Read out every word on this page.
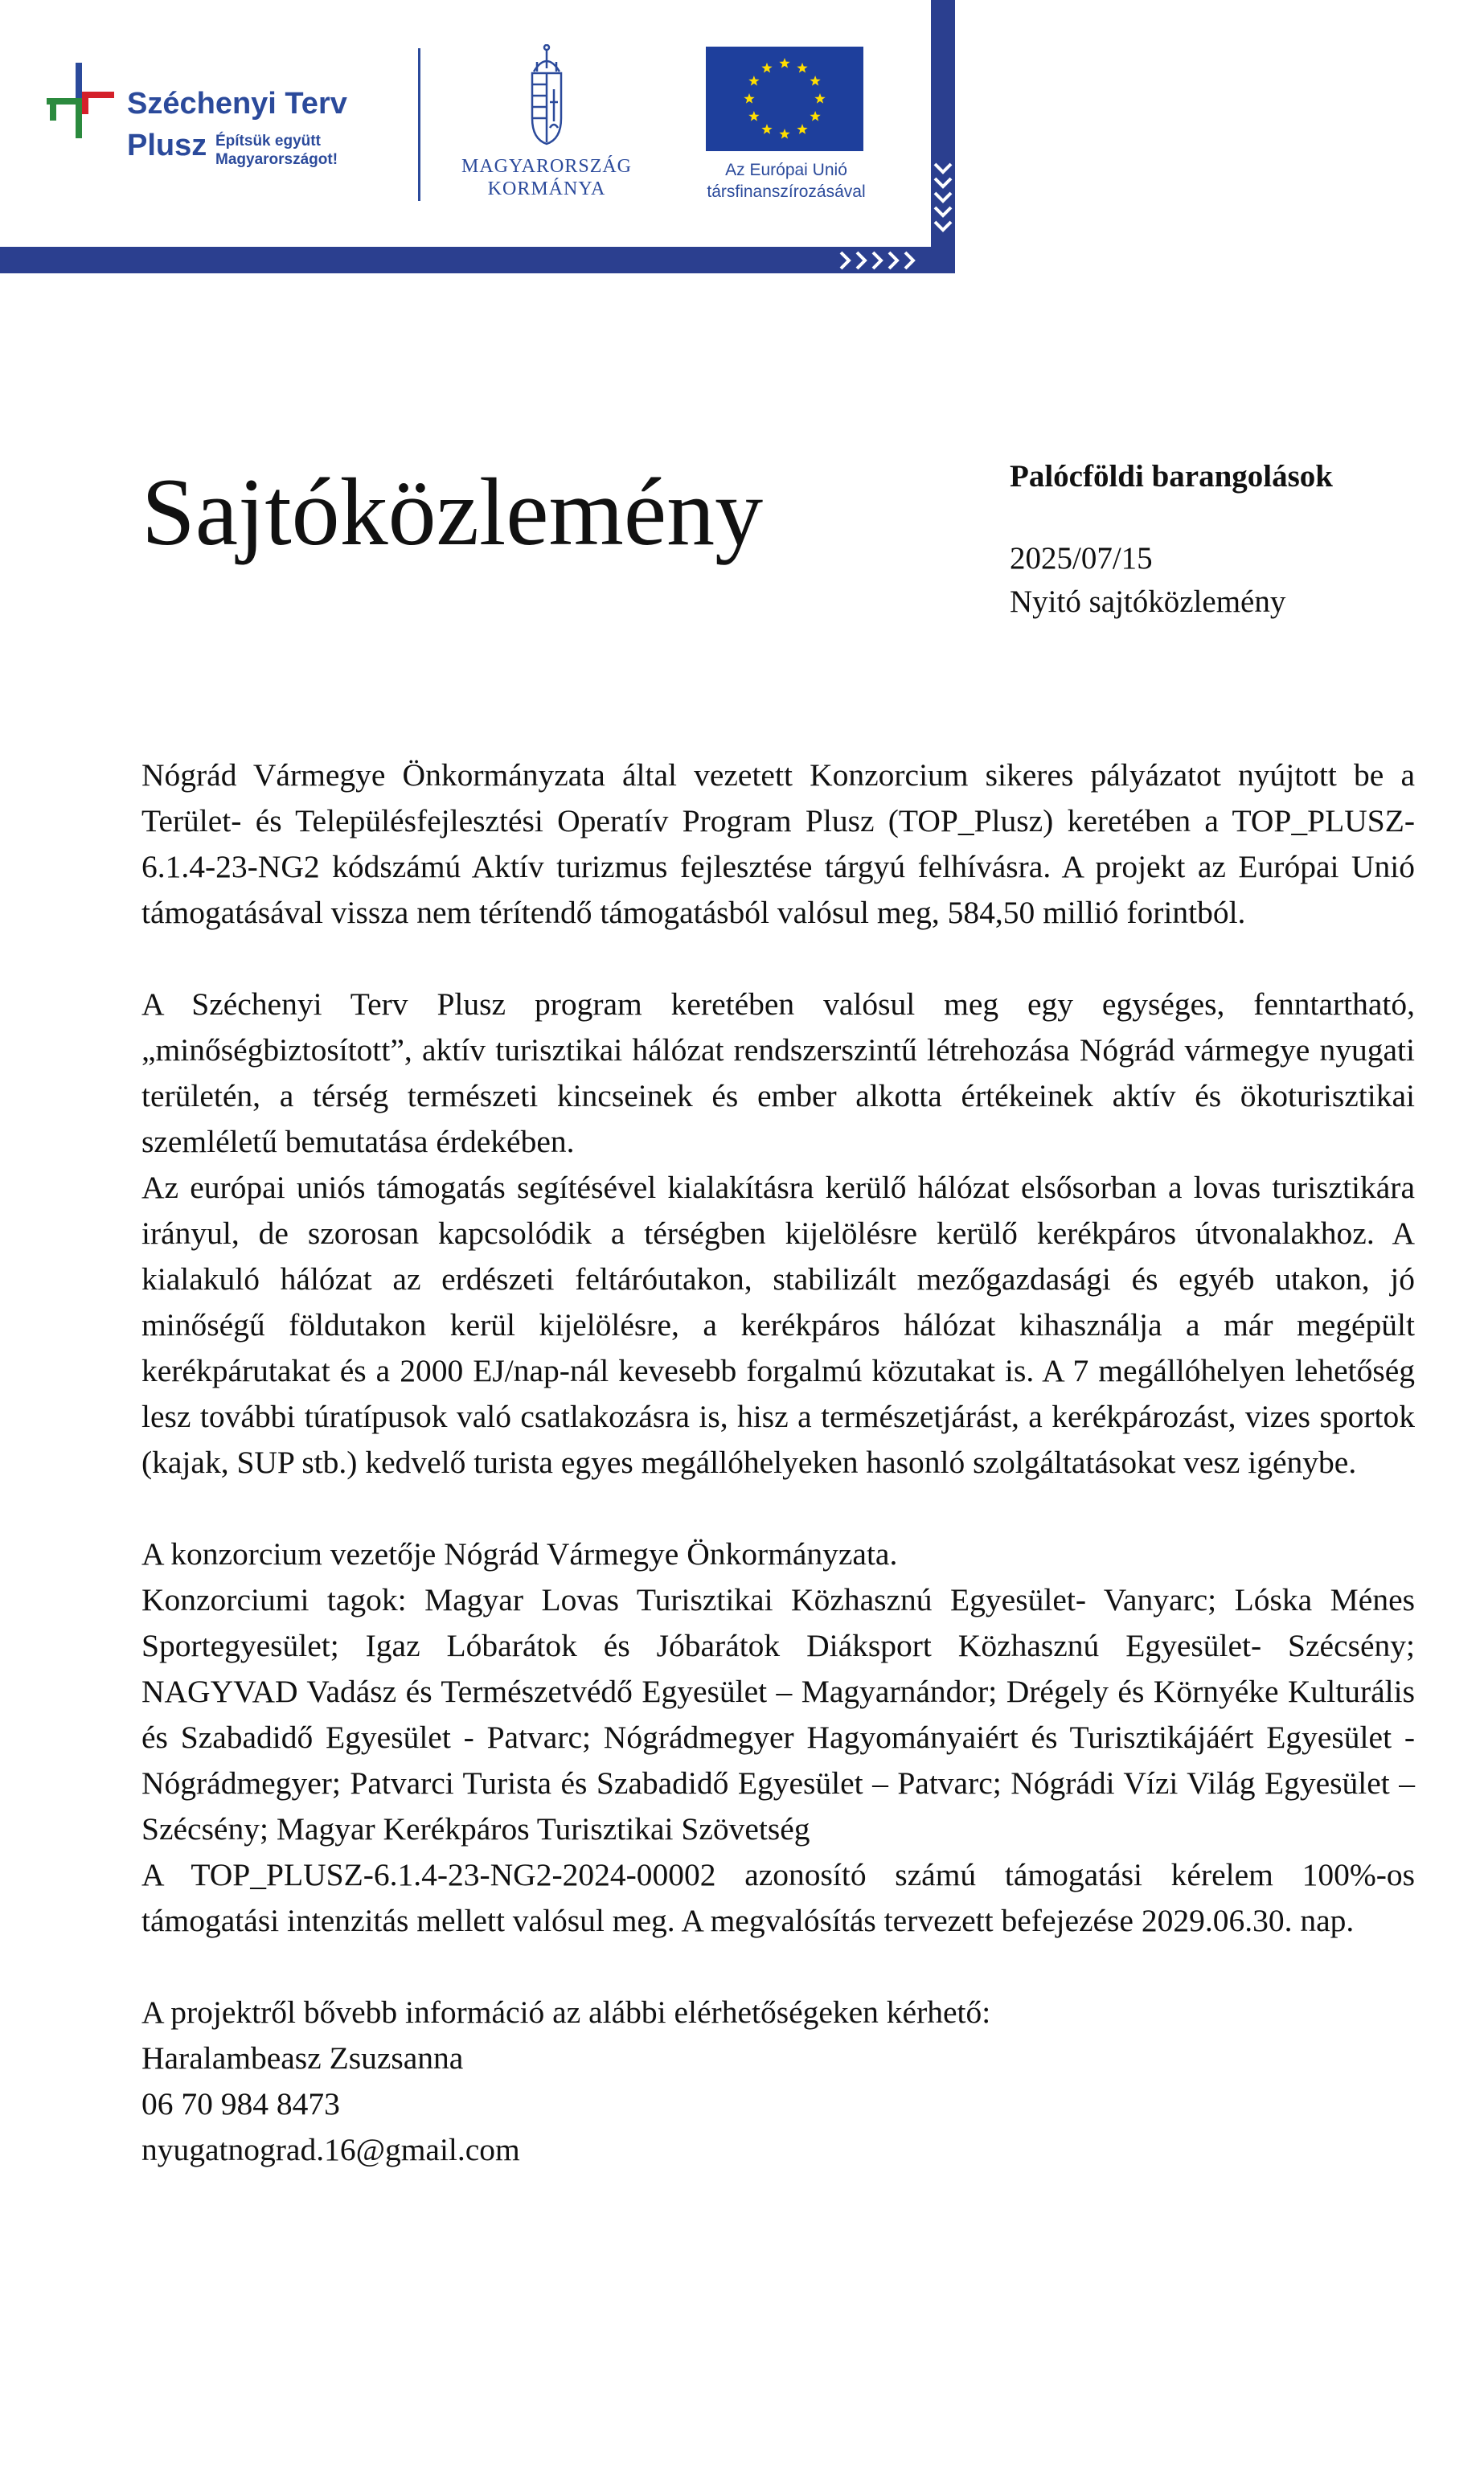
Széchenyi Terv
Plusz Építsük együtt
Magyarországot!	MAGYARORSZÁG
KORMÁNYA
Az Európai Unió
társfinanszírozásával
Sajtóközlemény	Palócföldi barangolások
2025/07/15
Nyitó sajtóközlemény

Nógrád Vármegye Önkormányzata által vezetett Konzorcium sikeres pályázatot nyújtott be a Terület- és Településfejlesztési Operatív Program Plusz (TOP_Plusz) keretében a TOP_PLUSZ-6.1.4-23-NG2 kódszámú Aktív turizmus fejlesztése tárgyú felhívásra. A projekt az Európai Unió támogatásával vissza nem térítendő támogatásból valósul meg, 584,50 millió forintból.

A Széchenyi Terv Plusz program keretében valósul meg egy egységes, fenntartható, „minőségbiztosított”, aktív turisztikai hálózat rendszerszintű létrehozása Nógrád vármegye nyugati területén, a térség természeti kincseinek és ember alkotta értékeinek aktív és ökoturisztikai szemléletű bemutatása érdekében.

Az európai uniós támogatás segítésével kialakításra kerülő hálózat elsősorban a lovas turisztikára irányul, de szorosan kapcsolódik a térségben kijelölésre kerülő kerékpáros útvonalakhoz. A kialakuló hálózat az erdészeti feltáróutakon, stabilizált mezőgazdasági és egyéb utakon, jó minőségű földutakon kerül kijelölésre, a kerékpáros hálózat kihasználja a már megépült kerékpárutakat és a 2000 EJ/nap-nál kevesebb forgalmú közutakat is. A 7 megállóhelyen lehetőség lesz további túratípusok való csatlakozásra is, hisz a természetjárást, a kerékpározást, vizes sportok (kajak, SUP stb.) kedvelő turista egyes megállóhelyeken hasonló szolgáltatásokat vesz igénybe.

A konzorcium vezetője Nógrád Vármegye Önkormányzata.

Konzorciumi tagok: Magyar Lovas Turisztikai Közhasznú Egyesület- Vanyarc; Lóska Ménes Sportegyesület; Igaz Lóbarátok és Jóbarátok Diáksport Közhasznú Egyesület- Szécsény; NAGYVAD Vadász és Természetvédő Egyesület – Magyarnándor; Drégely és Környéke Kulturális és Szabadidő Egyesület - Patvarc; Nógrádmegyer Hagyományaiért és Turisztikájáért Egyesület - Nógrádmegyer; Patvarci Turista és Szabadidő Egyesület – Patvarc; Nógrádi Vízi Világ Egyesület – Szécsény; Magyar Kerékpáros Turisztikai Szövetség

A TOP_PLUSZ-6.1.4-23-NG2-2024-00002 azonosító számú támogatási kérelem 100%-os támogatási intenzitás mellett valósul meg. A megvalósítás tervezett befejezése 2029.06.30. nap.

A projektről bővebb információ az alábbi elérhetőségeken kérhető:
Haralambeasz Zsuzsanna
06 70 984 8473
nyugatnograd.16@gmail.com
